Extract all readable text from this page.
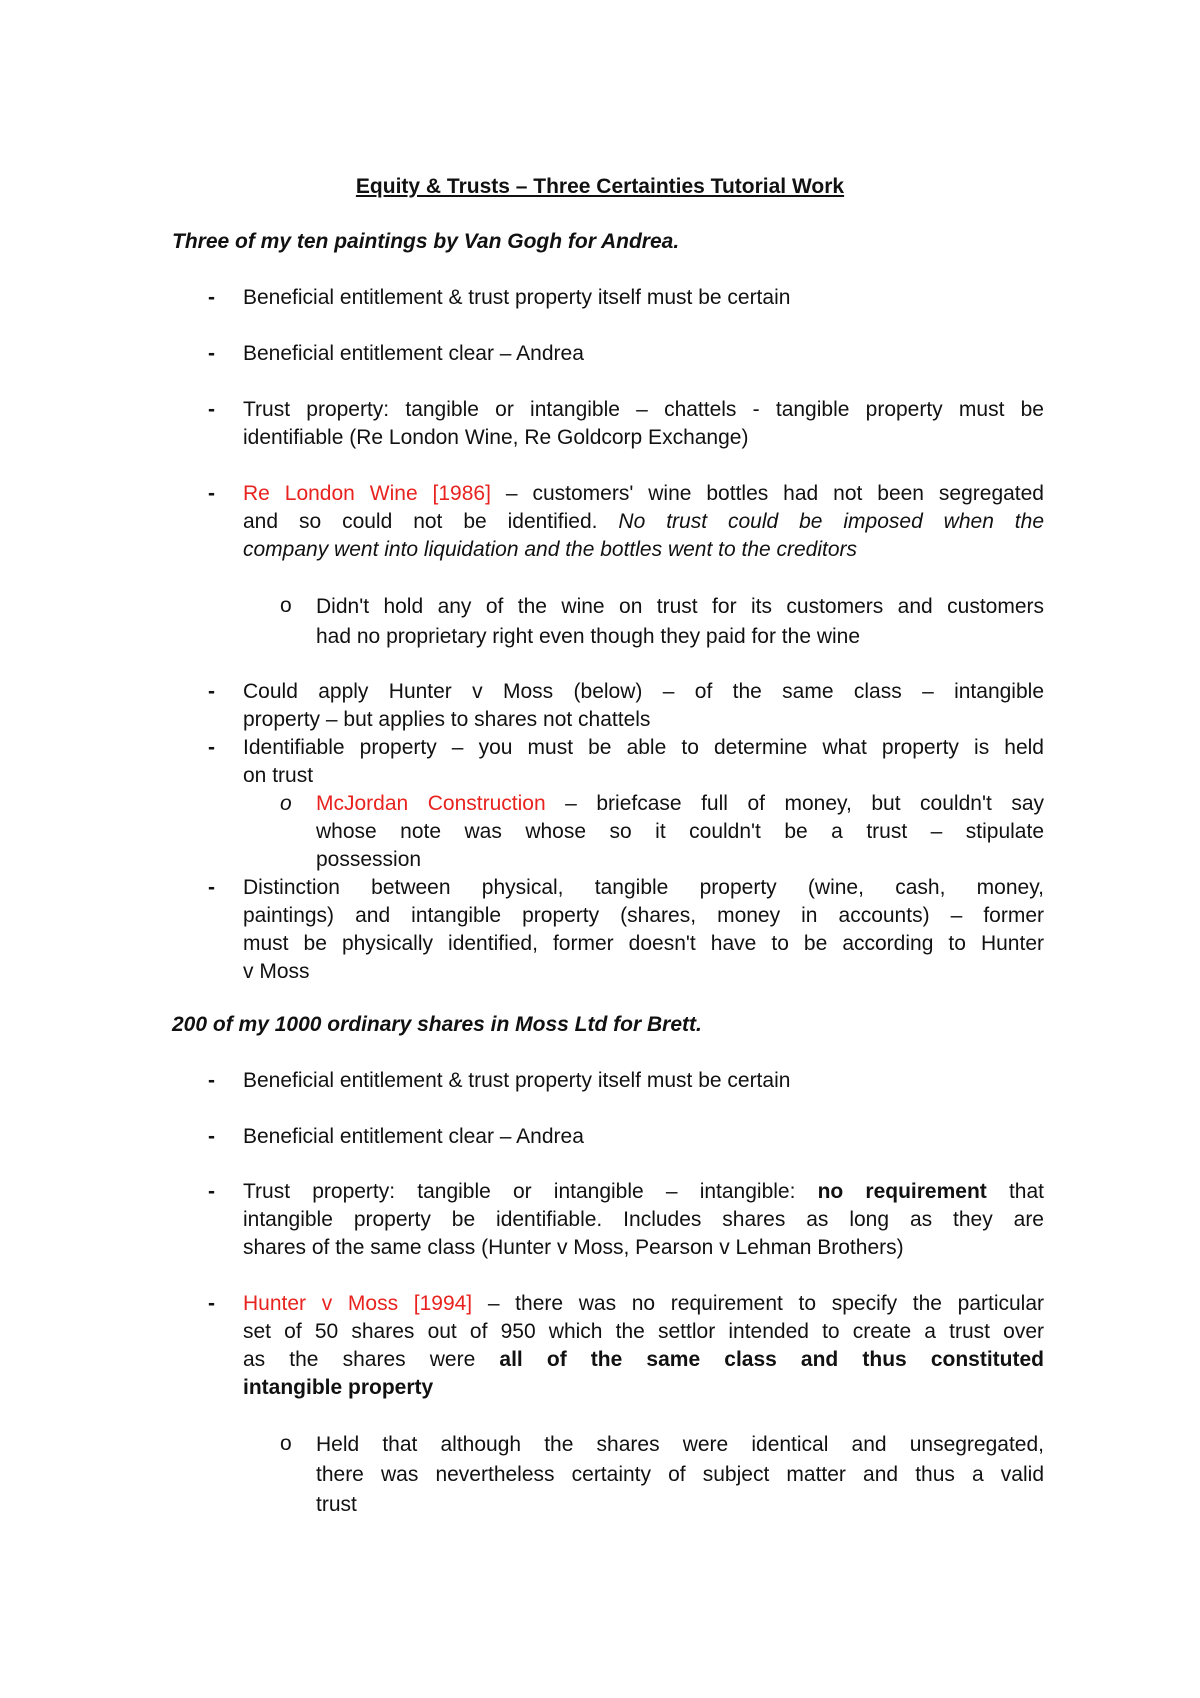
Equity & Trusts – Three Certainties Tutorial Work
Three of my ten paintings by Van Gogh for Andrea.
- Beneficial entitlement & trust property itself must be certain
- Beneficial entitlement clear – Andrea
- Trust property: tangible or intangible – chattels - tangible property must be
identifiable (Re London Wine, Re Goldcorp Exchange)
- Re London Wine [1986] – customers' wine bottles had not been segregated
and so could not be identified. No trust could be imposed when the
company went into liquidation and the bottles went to the creditors
o Didn't hold any of the wine on trust for its customers and customers
had no proprietary right even though they paid for the wine
- Could apply Hunter v Moss (below) – of the same class – intangible
property – but applies to shares not chattels
- Identifiable property – you must be able to determine what property is held
on trust
o McJordan Construction – briefcase full of money, but couldn't say
whose note was whose so it couldn't be a trust – stipulate
possession
- Distinction between physical, tangible property (wine, cash, money,
paintings) and intangible property (shares, money in accounts) – former
must be physically identified, former doesn't have to be according to Hunter
v Moss
200 of my 1000 ordinary shares in Moss Ltd for Brett.
- Beneficial entitlement & trust property itself must be certain
- Beneficial entitlement clear – Andrea
- Trust property: tangible or intangible – intangible: no requirement that
intangible property be identifiable. Includes shares as long as they are
shares of the same class (Hunter v Moss, Pearson v Lehman Brothers)
- Hunter v Moss [1994] – there was no requirement to specify the particular
set of 50 shares out of 950 which the settlor intended to create a trust over
as the shares were all of the same class and thus constituted
intangible property
o Held that although the shares were identical and unsegregated,
there was nevertheless certainty of subject matter and thus a valid
trust
